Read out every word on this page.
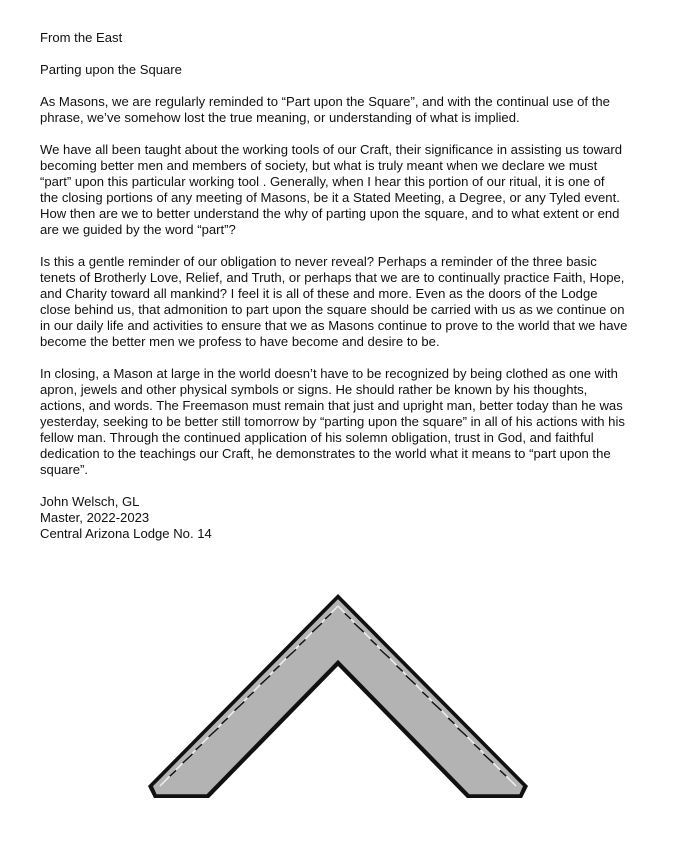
From the East

Parting upon the Square

As Masons, we are regularly reminded to “Part upon the Square”, and with the continual use of the
phrase, we’ve somehow lost the true meaning, or understanding of what is implied.

We have all been taught about the working tools of our Craft, their significance in assisting us toward
becoming better men and members of society, but what is truly meant when we declare we must
“part” upon this particular working tool . Generally, when I hear this portion of our ritual, it is one of
the closing portions of any meeting of Masons, be it a Stated Meeting, a Degree, or any Tyled event.
How then are we to better understand the why of parting upon the square, and to what extent or end
are we guided by the word “part”?

Is this a gentle reminder of our obligation to never reveal? Perhaps a reminder of the three basic
tenets of Brotherly Love, Relief, and Truth, or perhaps that we are to continually practice Faith, Hope,
and Charity toward all mankind? I feel it is all of these and more. Even as the doors of the Lodge
close behind us, that admonition to part upon the square should be carried with us as we continue on
in our daily life and activities to ensure that we as Masons continue to prove to the world that we have
become the better men we profess to have become and desire to be.

In closing, a Mason at large in the world doesn’t have to be recognized by being clothed as one with
apron, jewels and other physical symbols or signs. He should rather be known by his thoughts,
actions, and words. The Freemason must remain that just and upright man, better today than he was
yesterday, seeking to be better still tomorrow by “parting upon the square” in all of his actions with his
fellow man. Through the continued application of his solemn obligation, trust in God, and faithful
dedication to the teachings our Craft, he demonstrates to the world what it means to “part upon the
square”.

John Welsch, GL
Master, 2022-2023
Central Arizona Lodge No. 14
